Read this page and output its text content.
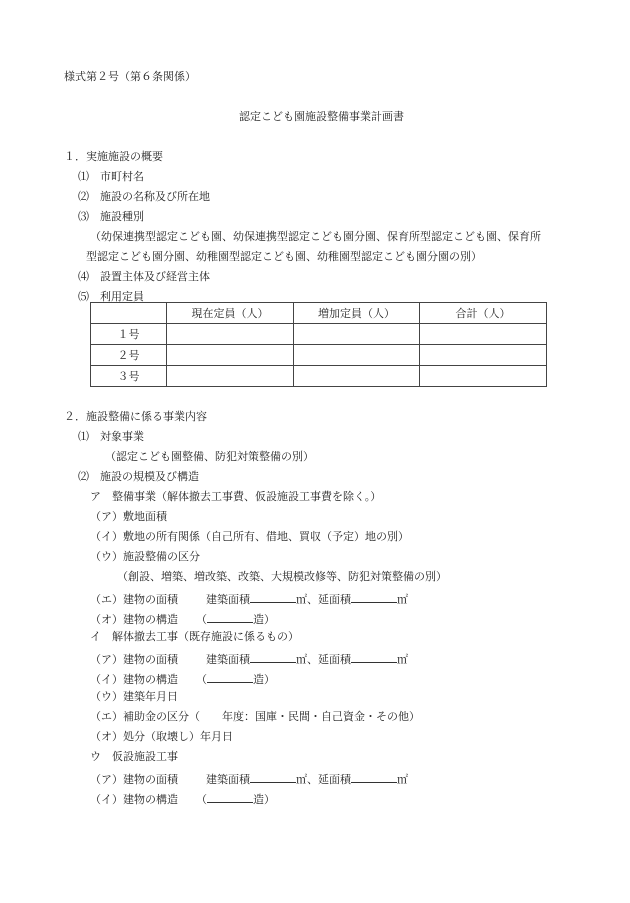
様式第２号（第６条関係）
認定こども園施設整備事業計画書
１．実施施設の概要
⑴　市町村名
⑵　施設の名称及び所在地
⑶　施設種別
（幼保連携型認定こども園、幼保連携型認定こども園分園、保育所型認定こども園、保育所
型認定こども園分園、幼稚園型認定こども園、幼稚園型認定こども園分園の別）
⑷　設置主体及び経営主体
⑸　利用定員
	現在定員（人）	増加定員（人）	合計（人）
１号			
２号			
３号			
２．施設整備に係る事業内容
⑴　対象事業
（認定こども園整備、防犯対策整備の別）
⑵　施設の規模及び構造
ア　整備事業（解体撤去工事費、仮設施設工事費を除く。）
（ア）敷地面積
（イ）敷地の所有関係（自己所有、借地、買収（予定）地の別）
（ウ）施設整備の区分
（創設、増築、増改築、改築、大規模改修等、防犯対策整備の別）
（エ）建物の面積	建築面積	㎡、延面積	㎡
（オ）建物の構造 （	造）
イ　解体撤去工事（既存施設に係るもの）
（ア）建物の面積	建築面積	㎡、延面積	㎡
（イ）建物の構造 （	造）
（ウ）建築年月日
（エ）補助金の区分（　　年度：国庫・民間・自己資金・その他）
（オ）処分（取壊し）年月日
ウ　仮設施設工事
（ア）建物の面積	建築面積	㎡、延面積	㎡
（イ）建物の構造 （	造）
